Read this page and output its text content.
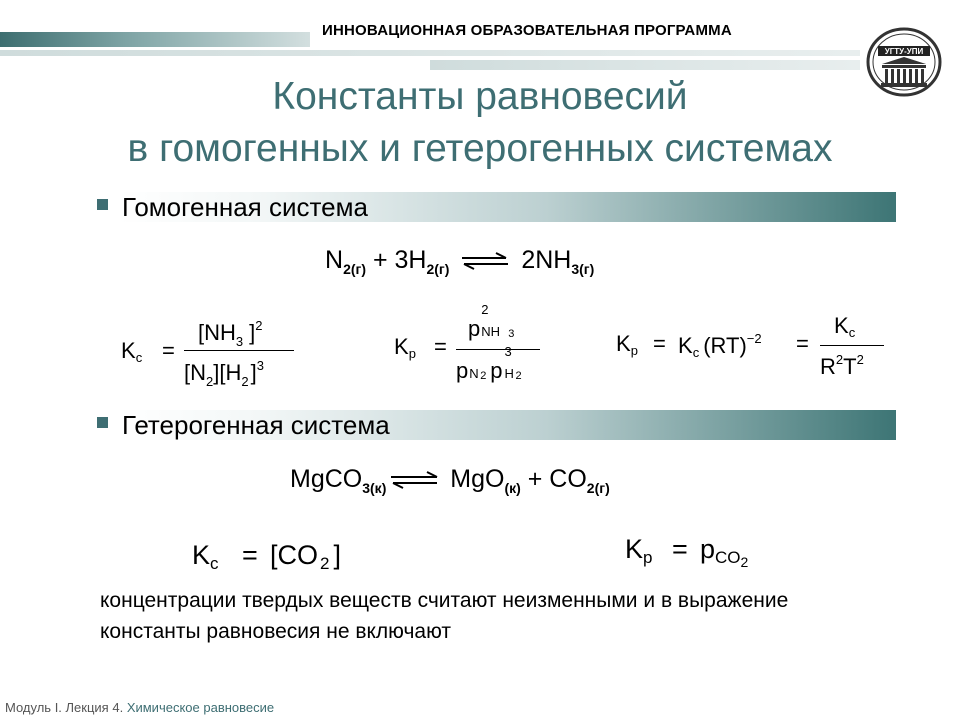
ИННОВАЦИОННАЯ ОБРАЗОВАТЕЛЬНАЯ ПРОГРАММА
УГТУ-УПИ
Константы равновесий
в гомогенных и гетерогенных системах
Гомогенная система
$N_{2(г)} + 3H_{2(г)}$ ⇌ $2NH_{3(г)}$
Kc =
[$NH_3$ ]$^2$
$[N_2][H_2]^3$
Kp =
p
2
NH 3
p N 2 p
3
H 2
Kp = Kc (RT)$^{-2}$ =
Kc
$R^2T^2$
Гетерогенная система
MgCO$_{3(к)}$⇌ $MgO_{(к)} + CO_{2(г)}$
Kc = [CO 2 ]	Kp = pCO$_2$
концентрации твердых веществ считают неизменными и в выражение константы равновесия не включают
Модуль I. Лекция 4. Химическое равновесие
